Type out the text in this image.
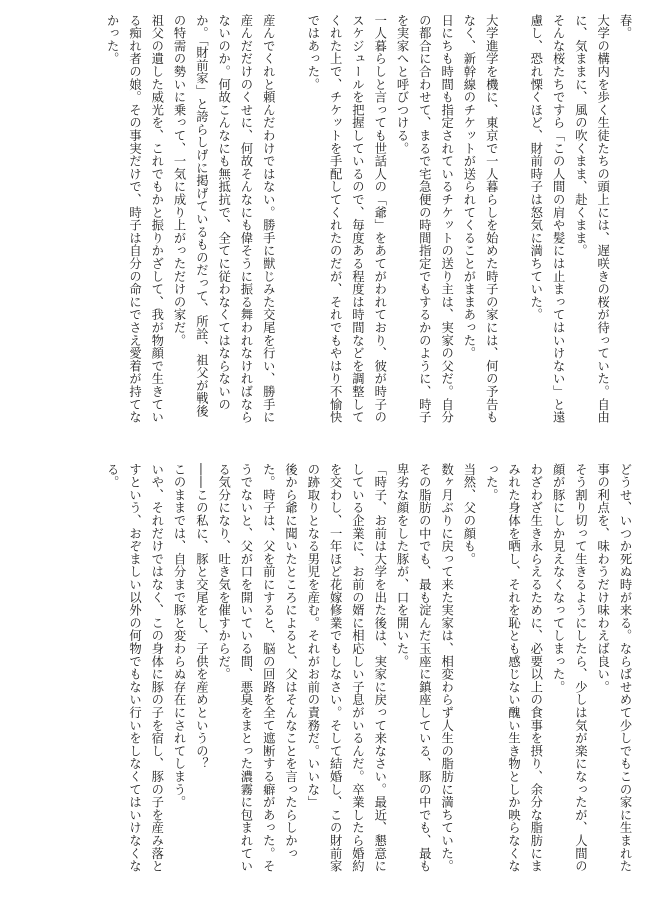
春。

大学の構内を歩く生徒たちの頭上には、遅咲きの桜が待っていた。自由に、気ままに、風の吹くまま、赴くまま。

そんな桜たちですら「この人間の肩や髪には止まってはいけない」と遠慮し、恐れ慄くほど、財前時子は怒気に満ちていた。

大学進学を機に、東京で一人暮らしを始めた時子の家には、何の予告もなく、新幹線のチケットが送られてくることがままあった。

日にちも時間も指定されているチケットの送り主は、実家の父だ。自分の都合に合わせて、まるで宅急便の時間指定でもするかのように、時子を実家へと呼びつける。

一人暮らしと言っても世話人の「爺」をあてがわれており、彼が時子のスケジュールを把握しているので、毎度ある程度は時間などを調整してくれた上で、チケットを手配してくれたのだが、それでもやはり不愉快ではあった。

産んでくれと頼んだわけではない。勝手に獣じみた交尾を行い、勝手に産んだだけのくせに、何故そんなにも偉そうに振る舞われなければならないのか。何故こんなにも無抵抗で、全てに従わなくてはならないのか。「財前家」と誇らしげに掲げているものだって、所詮、祖父が戦後の特需の勢いに乗って、一気に成り上がっただけの家だ。

祖父の遺した威光を、これでもかと振りかざして、我が物顔で生きている痴れ者の娘。その事実だけで、時子は自分の命にでさえ愛着が持てなかった。

どうせ、いつか死ぬ時が来る。ならばせめて少しでもこの家に生まれた事の利点を、味わうだけ味わえば良い。

そう割り切って生きるようにしたら、少しは気が楽になったが、人間の顔が豚にしか見えなくなってしまった。

わざわざ生き永らえるために、必要以上の食事を摂り、余分な脂肪にまみれた身体を晒し、それを恥とも感じない醜い生き物としか映らなくなった。

当然、父の顔も。

数ヶ月ぶりに戻って来た実家は、相変わらず人生の脂肪に満ちていた。

その脂肪の中でも、最も淀んだ玉座に鎮座している、豚の中でも、最も卑劣な顔をした豚が、口を開いた。

「時子、お前は大学を出た後は、実家に戻って来なさい。最近、懇意にしている企業に、お前の婿に相応しい子息がいるんだ。卒業したら婚約を交わし、一年ほど花嫁修業でもしなさい。そして結婚し、この財前家の跡取りとなる男児を産む。それがお前の責務だ。いいな」

後から爺に聞いたところによると、父はそんなことを言ったらしかった。時子は、父を前にすると、脳の回路を全て遮断する癖があった。そうでないと、父が口を開いている間、悪臭をまとった濃霧に包まれている気分になり、吐き気を催すからだ。

――この私に、豚と交尾をし、子供を産めというの？

このままでは、自分まで豚と変わらぬ存在にされてしまう。

いや、それだけではなく、この身体に豚の子を宿し、豚の子を産み落とすという、おぞましい以外の何物でもない行いをしなくてはいけなくなる。
